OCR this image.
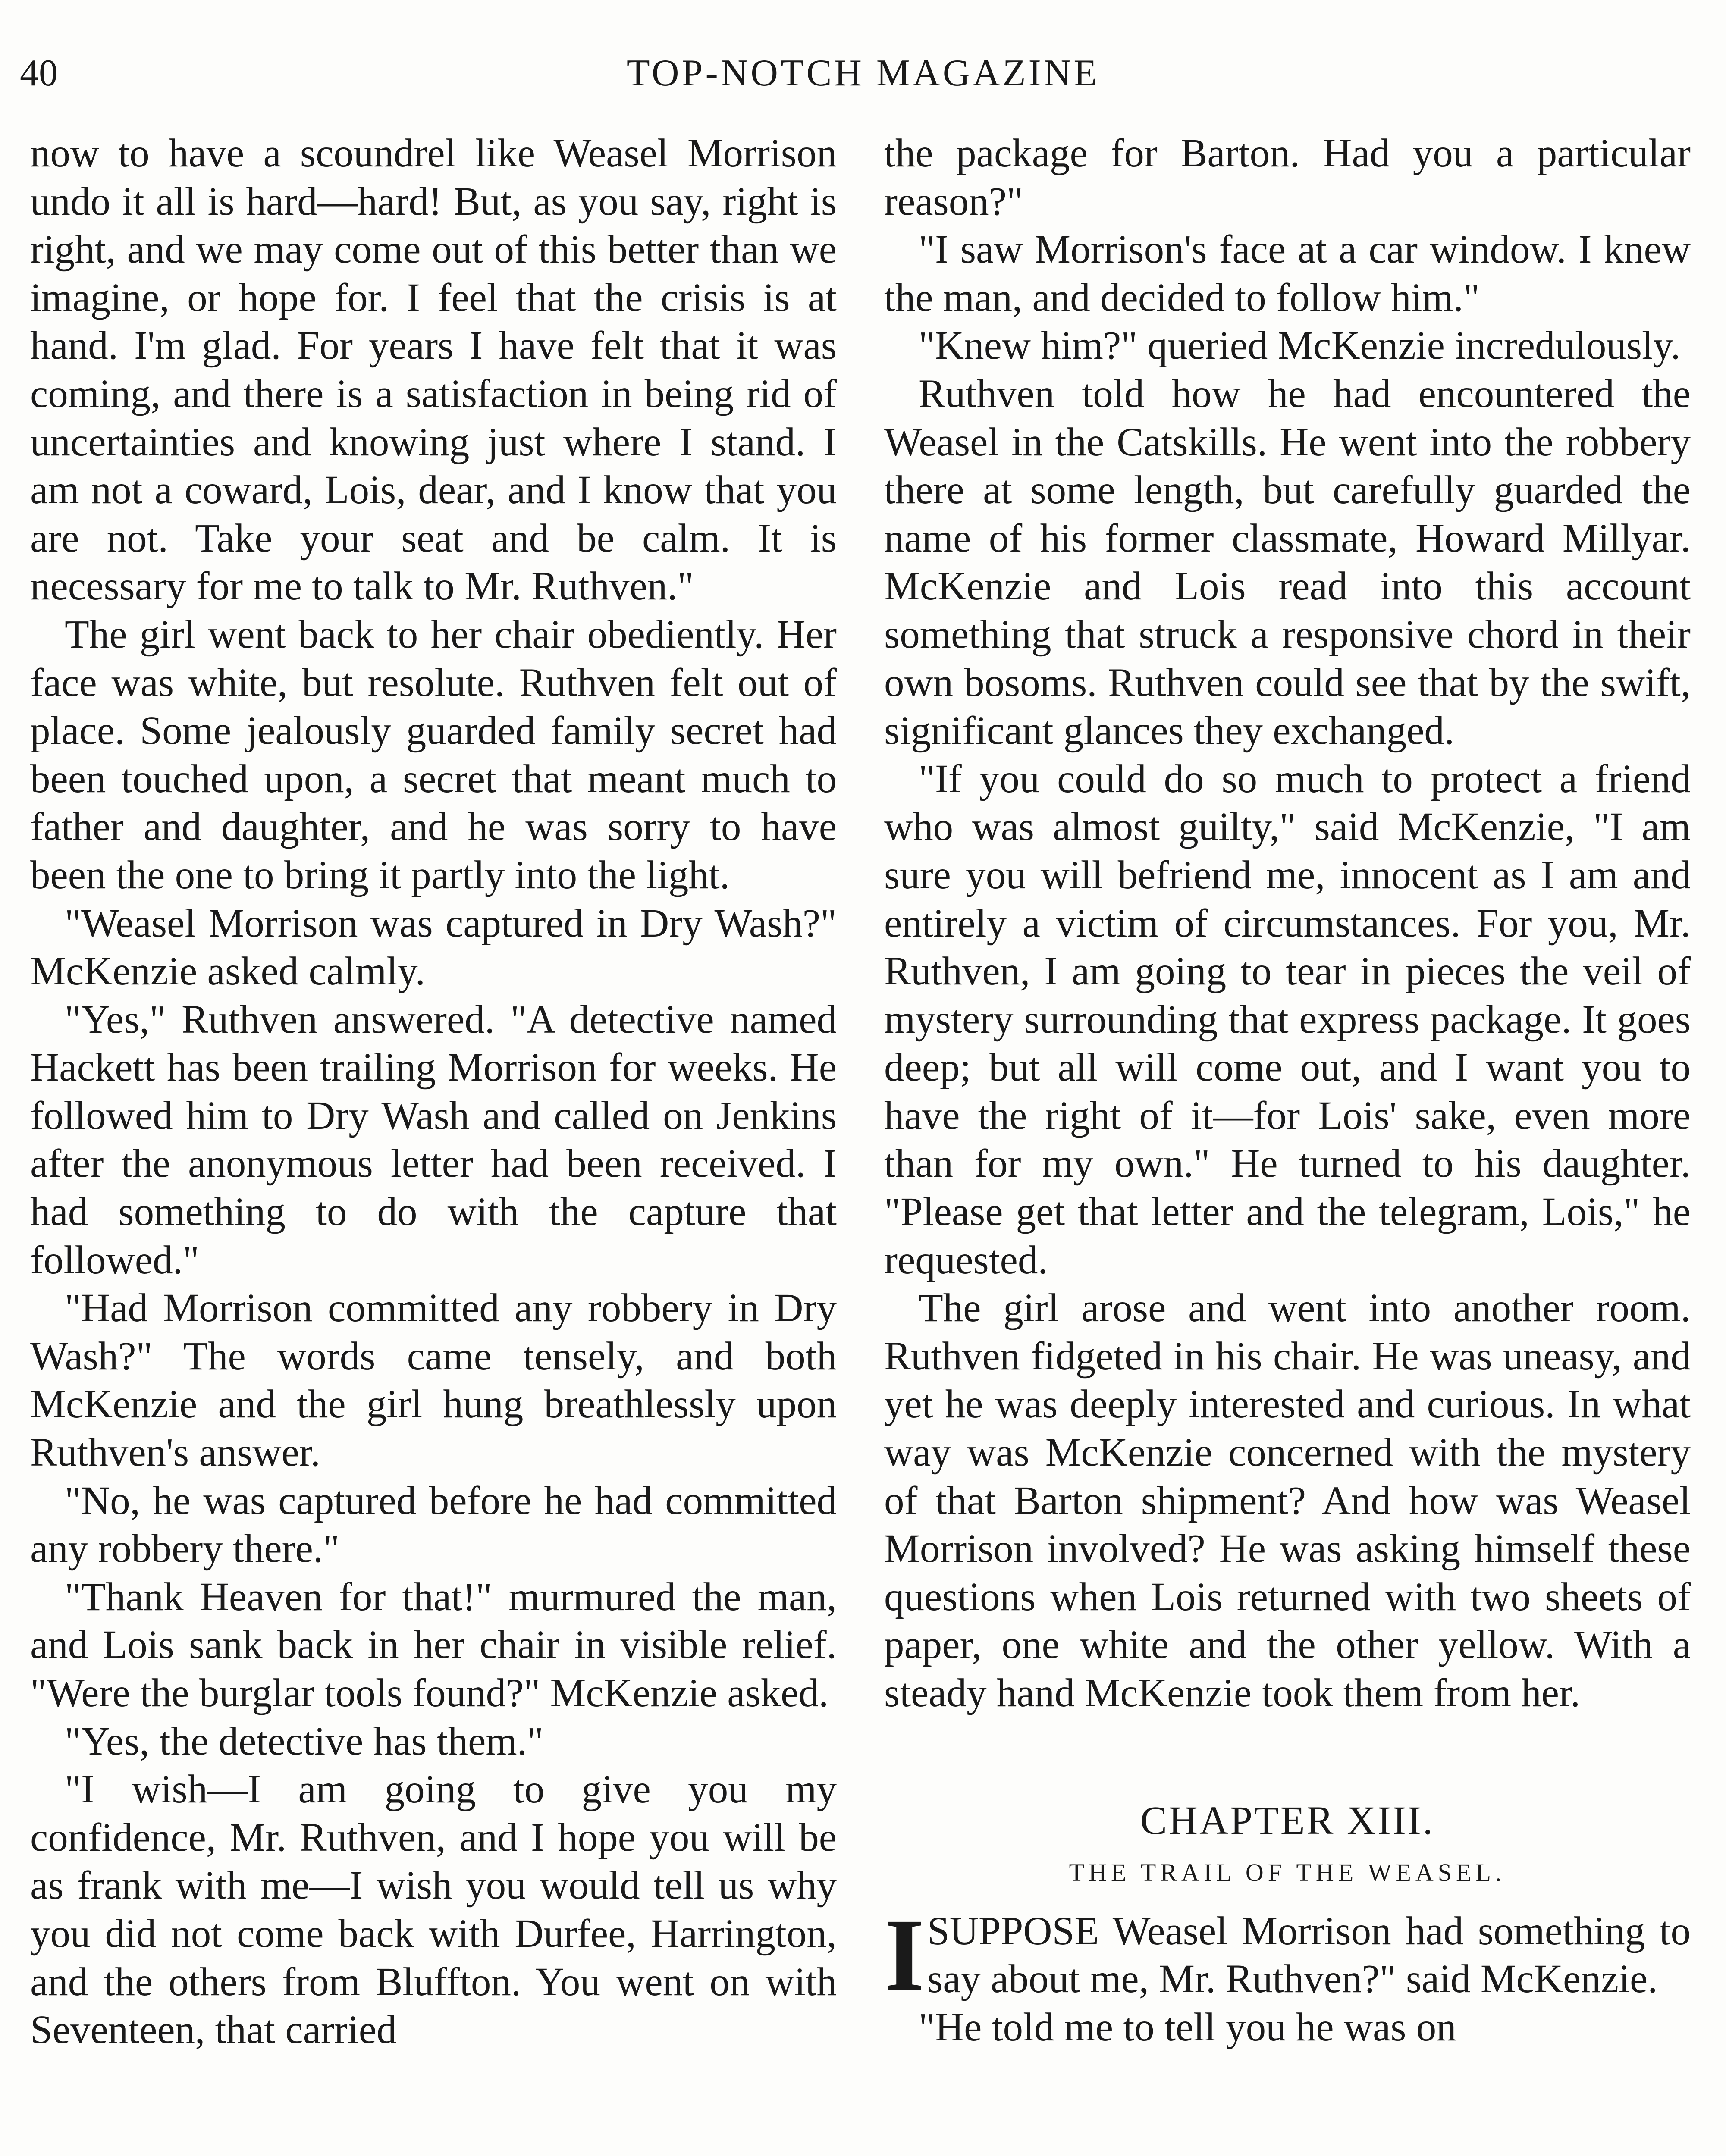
40	TOP-NOTCH MAGAZINE

now to have a scoundrel like Weasel Morrison undo it all is hard—hard! But, as you say, right is right, and we may come out of this better than we imagine, or hope for. I feel that the crisis is at hand. I'm glad. For years I have felt that it was coming, and there is a satisfaction in being rid of uncertainties and knowing just where I stand. I am not a coward, Lois, dear, and I know that you are not. Take your seat and be calm. It is necessary for me to talk to Mr. Ruthven."

The girl went back to her chair obediently. Her face was white, but resolute. Ruthven felt out of place. Some jealously guarded family secret had been touched upon, a secret that meant much to father and daughter, and he was sorry to have been the one to bring it partly into the light.

"Weasel Morrison was captured in Dry Wash?" McKenzie asked calmly.

"Yes," Ruthven answered. "A detective named Hackett has been trailing Morrison for weeks. He followed him to Dry Wash and called on Jenkins after the anonymous letter had been received. I had something to do with the capture that followed."

"Had Morrison committed any robbery in Dry Wash?" The words came tensely, and both McKenzie and the girl hung breathlessly upon Ruthven's answer.

"No, he was captured before he had committed any robbery there."

"Thank Heaven for that!" murmured the man, and Lois sank back in her chair in visible relief. "Were the burglar tools found?" McKenzie asked.

"Yes, the detective has them."

"I wish—I am going to give you my confidence, Mr. Ruthven, and I hope you will be as frank with me—I wish you would tell us why you did not come back with Durfee, Harrington, and the others from Bluffton. You went on with Seventeen, that carried

the package for Barton. Had you a particular reason?"

"I saw Morrison's face at a car window. I knew the man, and decided to follow him."

"Knew him?" queried McKenzie incredulously.

Ruthven told how he had encountered the Weasel in the Catskills. He went into the robbery there at some length, but carefully guarded the name of his former classmate, Howard Millyar. McKenzie and Lois read into this account something that struck a responsive chord in their own bosoms. Ruthven could see that by the swift, significant glances they exchanged.

"If you could do so much to protect a friend who was almost guilty," said McKenzie, "I am sure you will befriend me, innocent as I am and entirely a victim of circumstances. For you, Mr. Ruthven, I am going to tear in pieces the veil of mystery surrounding that express package. It goes deep; but all will come out, and I want you to have the right of it—for Lois' sake, even more than for my own." He turned to his daughter. "Please get that letter and the telegram, Lois," he requested.

The girl arose and went into another room. Ruthven fidgeted in his chair. He was uneasy, and yet he was deeply interested and curious. In what way was McKenzie concerned with the mystery of that Barton shipment? And how was Weasel Morrison involved? He was asking himself these questions when Lois returned with two sheets of paper, one white and the other yellow. With a steady hand McKenzie took them from her.

CHAPTER XIII.
THE TRAIL OF THE WEASEL.

I SUPPOSE Weasel Morrison had something to say about me, Mr. Ruthven?" said McKenzie.

"He told me to tell you he was on
